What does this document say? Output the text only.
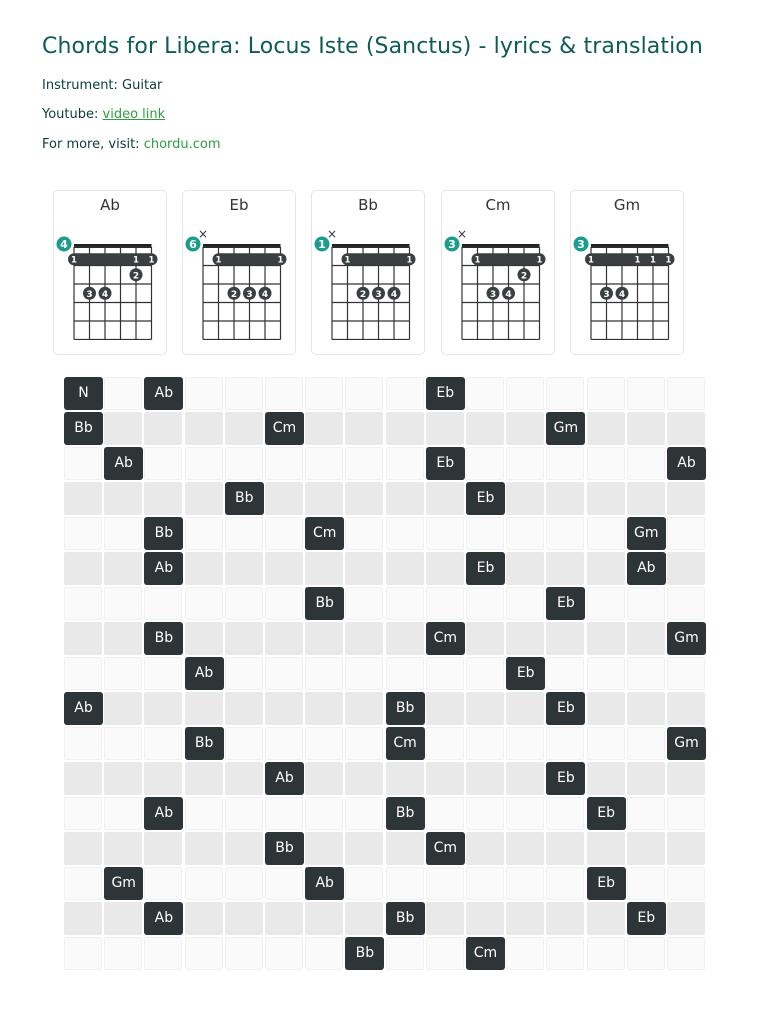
Chords for Libera: Locus Iste (Sanctus) - lyrics & translation
Instrument: Guitar
Youtube: video link
For more, visit: chordu.com
Ab
4
1	1 1
2
3 4
Eb
6
×
1	1
2 3 4
Bb
1
×
1	1
2 3 4
Cm
3
×
1	1
2
3 4
Gm
3
1	1 1 1
3 4
N	Ab	Eb
Bb	Cm	Gm
Ab	Eb	Ab
Bb	Eb
Bb	Cm	Gm
Ab	Eb	Ab
Bb	Eb
Bb	Cm	Gm
Ab	Eb
Ab	Bb	Eb
Bb	Cm	Gm
Ab	Eb
Ab	Bb	Eb
Bb	Cm
Gm	Ab	Eb
Ab	Bb	Eb
Bb	Cm
